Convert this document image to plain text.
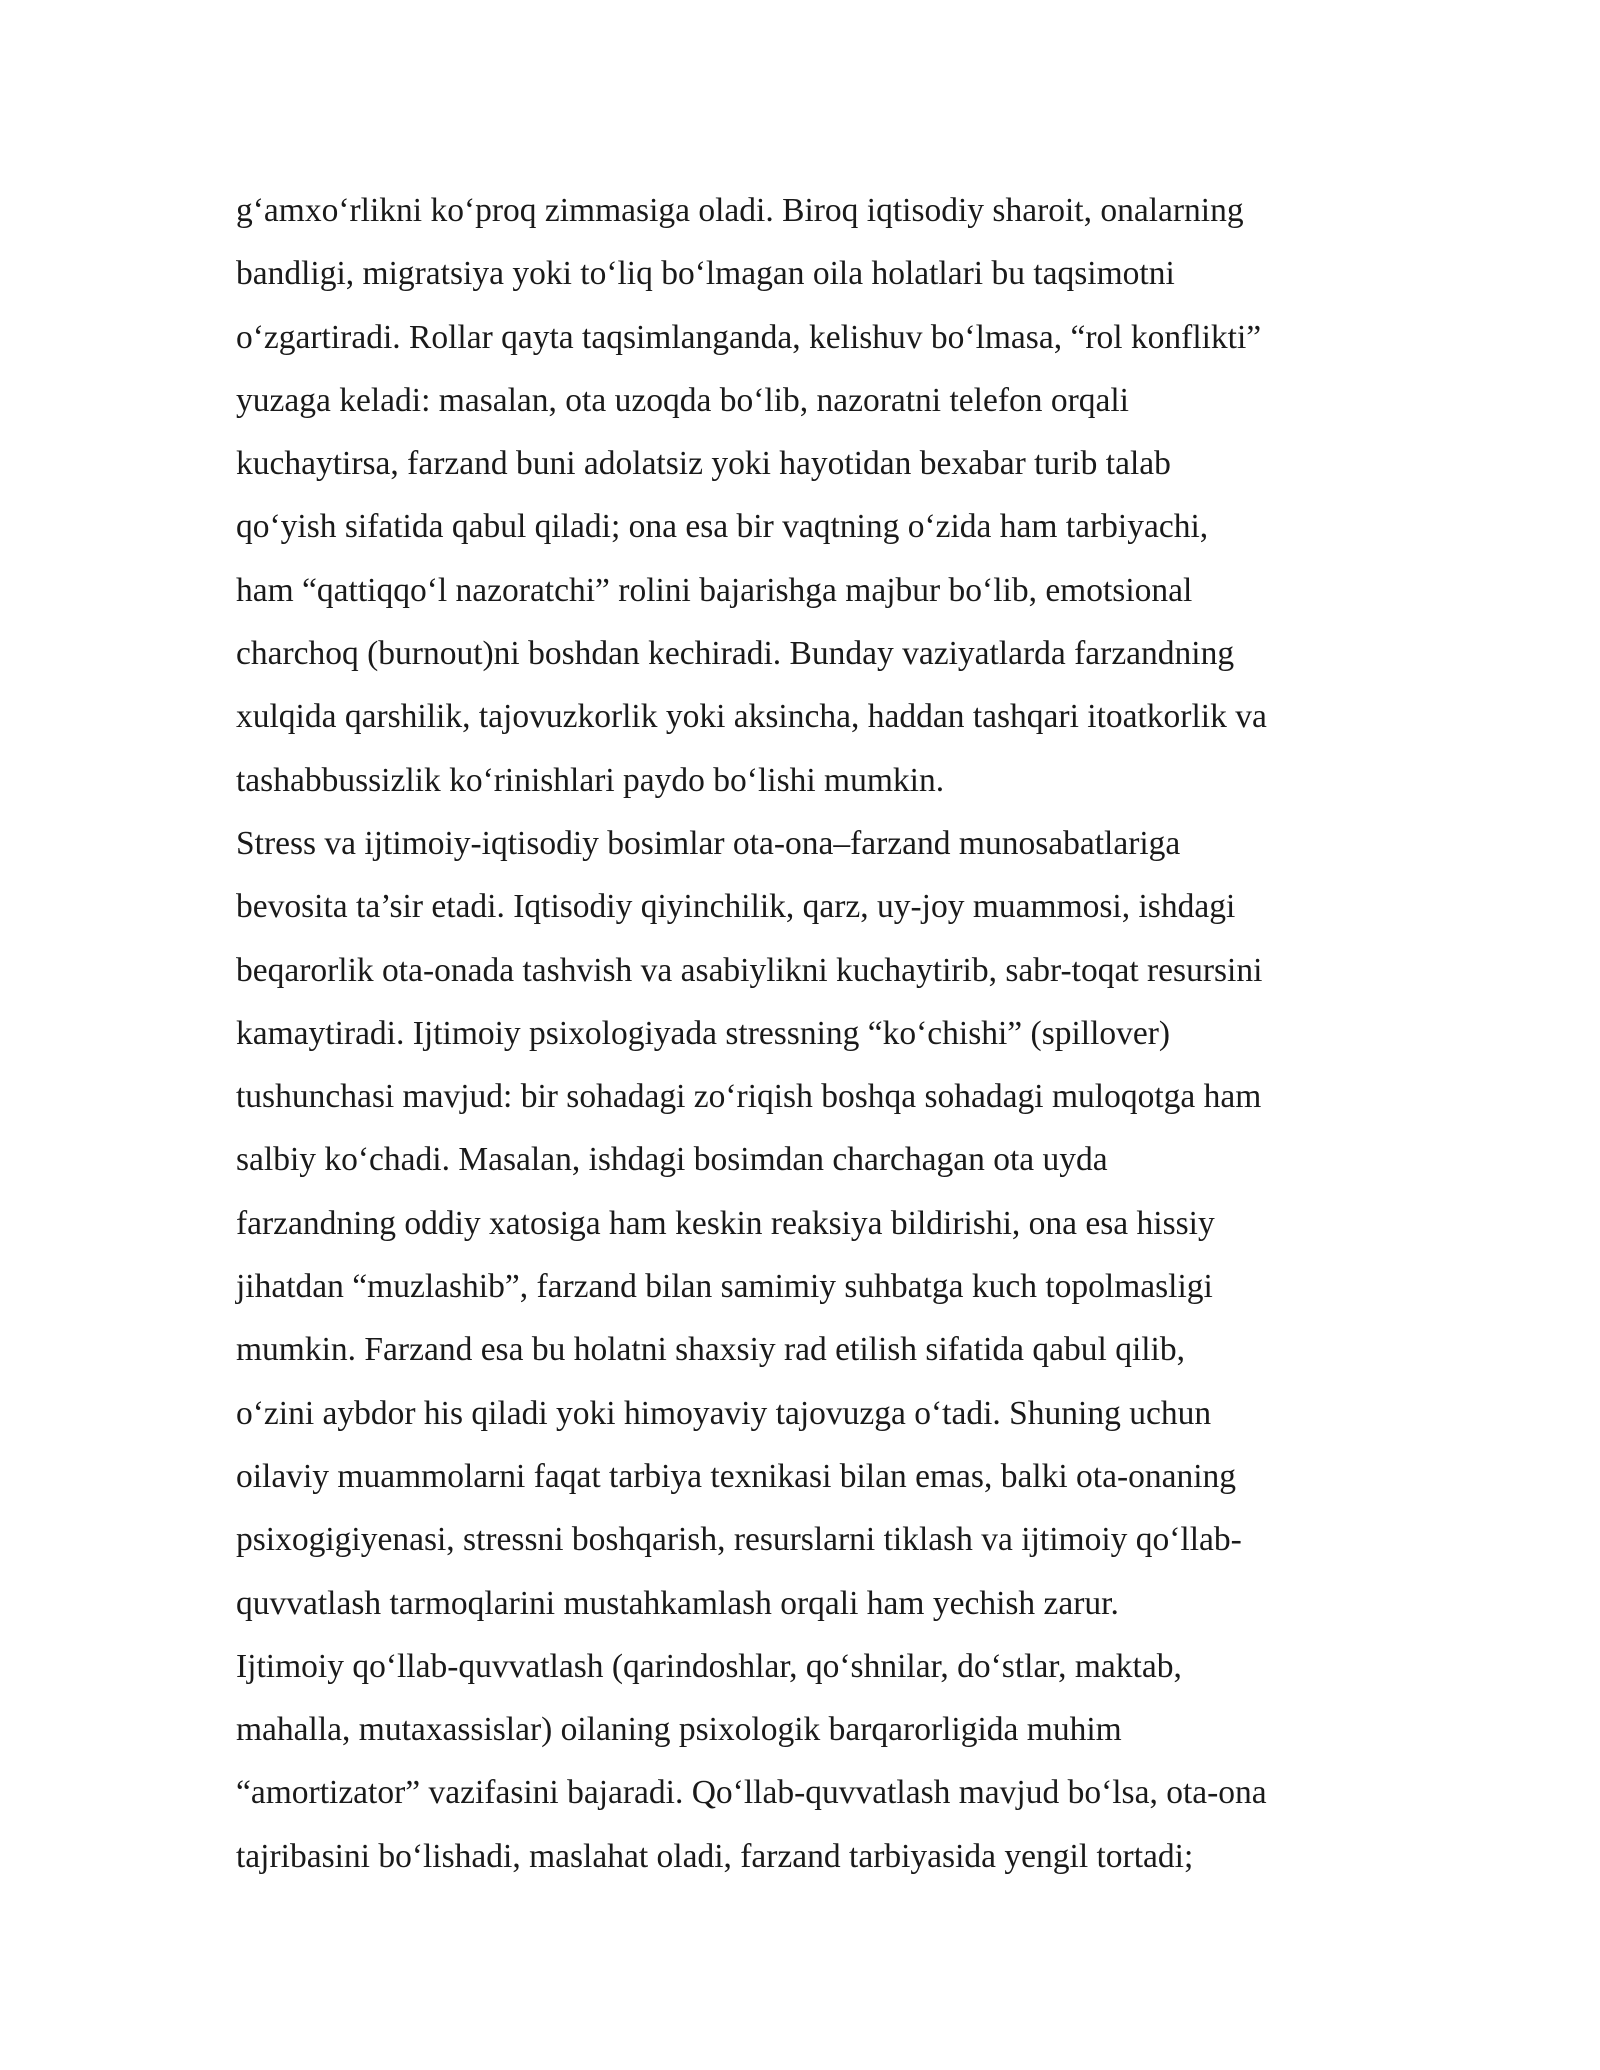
g‘amxo‘rlikni ko‘proq zimmasiga oladi. Biroq iqtisodiy sharoit, onalarning
bandligi, migratsiya yoki to‘liq bo‘lmagan oila holatlari bu taqsimotni
o‘zgartiradi. Rollar qayta taqsimlanganda, kelishuv bo‘lmasa, “rol konflikti”
yuzaga keladi: masalan, ota uzoqda bo‘lib, nazoratni telefon orqali
kuchaytirsa, farzand buni adolatsiz yoki hayotidan bexabar turib talab
qo‘yish sifatida qabul qiladi; ona esa bir vaqtning o‘zida ham tarbiyachi,
ham “qattiqqo‘l nazoratchi” rolini bajarishga majbur bo‘lib, emotsional
charchoq (burnout)ni boshdan kechiradi. Bunday vaziyatlarda farzandning
xulqida qarshilik, tajovuzkorlik yoki aksincha, haddan tashqari itoatkorlik va
tashabbussizlik ko‘rinishlari paydo bo‘lishi mumkin.
Stress va ijtimoiy-iqtisodiy bosimlar ota-ona–farzand munosabatlariga
bevosita ta’sir etadi. Iqtisodiy qiyinchilik, qarz, uy-joy muammosi, ishdagi
beqarorlik ota-onada tashvish va asabiylikni kuchaytirib, sabr-toqat resursini
kamaytiradi. Ijtimoiy psixologiyada stressning “ko‘chishi” (spillover)
tushunchasi mavjud: bir sohadagi zo‘riqish boshqa sohadagi muloqotga ham
salbiy ko‘chadi. Masalan, ishdagi bosimdan charchagan ota uyda
farzandning oddiy xatosiga ham keskin reaksiya bildirishi, ona esa hissiy
jihatdan “muzlashib”, farzand bilan samimiy suhbatga kuch topolmasligi
mumkin. Farzand esa bu holatni shaxsiy rad etilish sifatida qabul qilib,
o‘zini aybdor his qiladi yoki himoyaviy tajovuzga o‘tadi. Shuning uchun
oilaviy muammolarni faqat tarbiya texnikasi bilan emas, balki ota-onaning
psixogigiyenasi, stressni boshqarish, resurslarni tiklash va ijtimoiy qo‘llab-
quvvatlash tarmoqlarini mustahkamlash orqali ham yechish zarur.
Ijtimoiy qo‘llab-quvvatlash (qarindoshlar, qo‘shnilar, do‘stlar, maktab,
mahalla, mutaxassislar) oilaning psixologik barqarorligida muhim
“amortizator” vazifasini bajaradi. Qo‘llab-quvvatlash mavjud bo‘lsa, ota-ona
tajribasini bo‘lishadi, maslahat oladi, farzand tarbiyasida yengil tortadi;
